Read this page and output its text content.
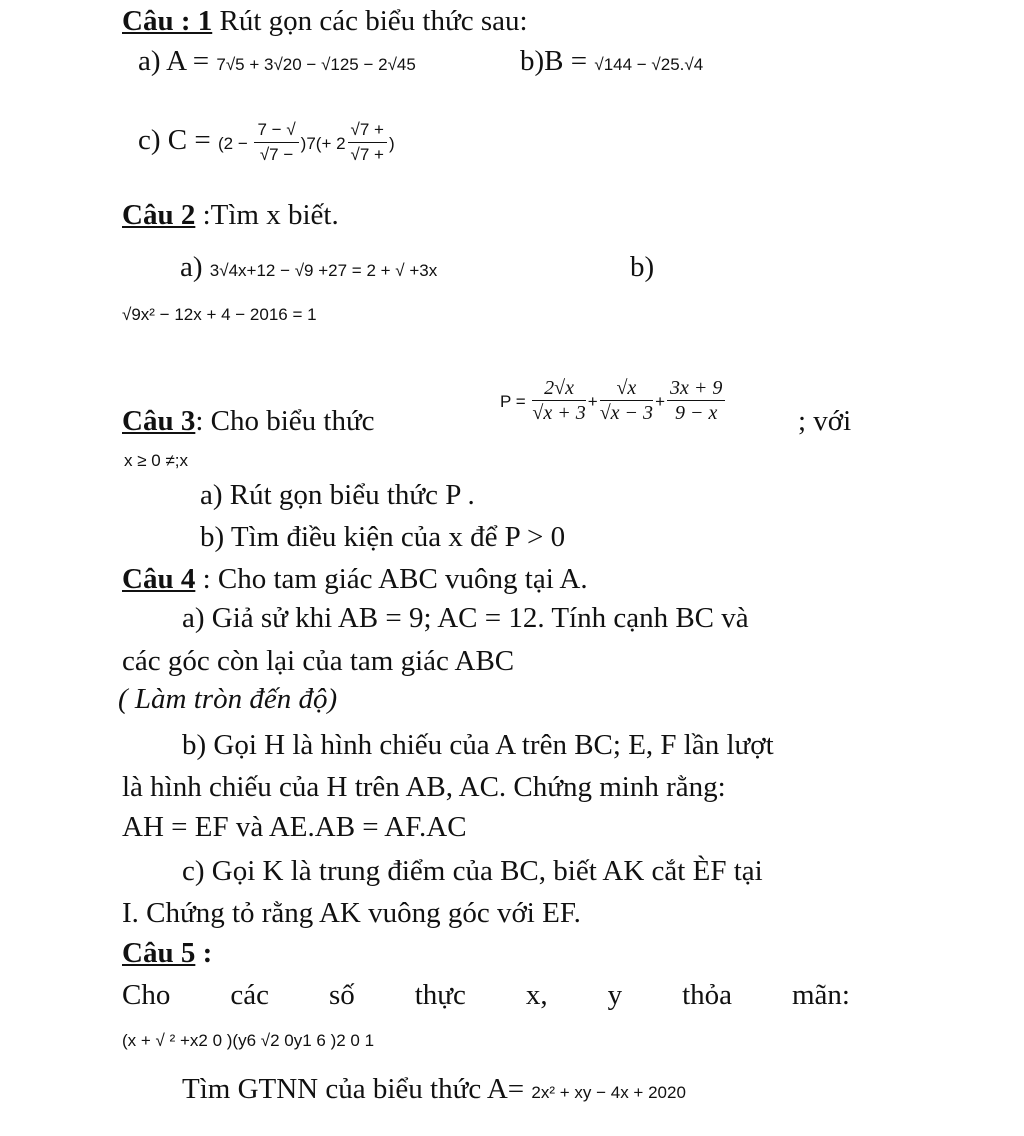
Câu : 1 Rút gọn các biểu thức sau:
a) A = 7√5 + 3√20 − √125 − 2√45	b)B = √144 − √25.√4
c) $C = (2 - \frac{7 - √}{√7 -} )7(+ 2 \frac{√7 +}{√7 +}$ )
Câu 2 :Tìm x biết.
a) 3√4x+12 − √9 +27 = 2 + √ +3x	b)
√9x² − 12x + 4 − 2016 = 1
Câu 3: Cho biểu thức
$P = \frac{2√x}{√x + 3} + \frac{√x}{√x - 3} + \frac{3x + 9}{9 - x}$	; với
x ≥ 0 ≠;x
a) Rút gọn biểu thức P .
b) Tìm điều kiện của x để P > 0
Câu 4 : Cho tam giác ABC vuông tại A.
a) Giả sử khi AB = 9; AC = 12. Tính cạnh BC và
các góc còn lại của tam giác ABC
( Làm tròn đến độ)
b) Gọi H là hình chiếu của A trên BC; E, F lần lượt
là hình chiếu của H trên AB, AC. Chứng minh rằng:
AH = EF và AE.AB = AF.AC
c) Gọi K là trung điểm của BC, biết AK cắt ÈF tại
I. Chứng tỏ rằng AK vuông góc với EF.
Câu 5 :
Cho các số thực x, y thỏa mãn:
(x + √ ² +x2 0 )(y6 √2 0y1 6 )2 0 1
Tìm GTNN của biểu thức A= 2x² + xy − 4x + 2020
